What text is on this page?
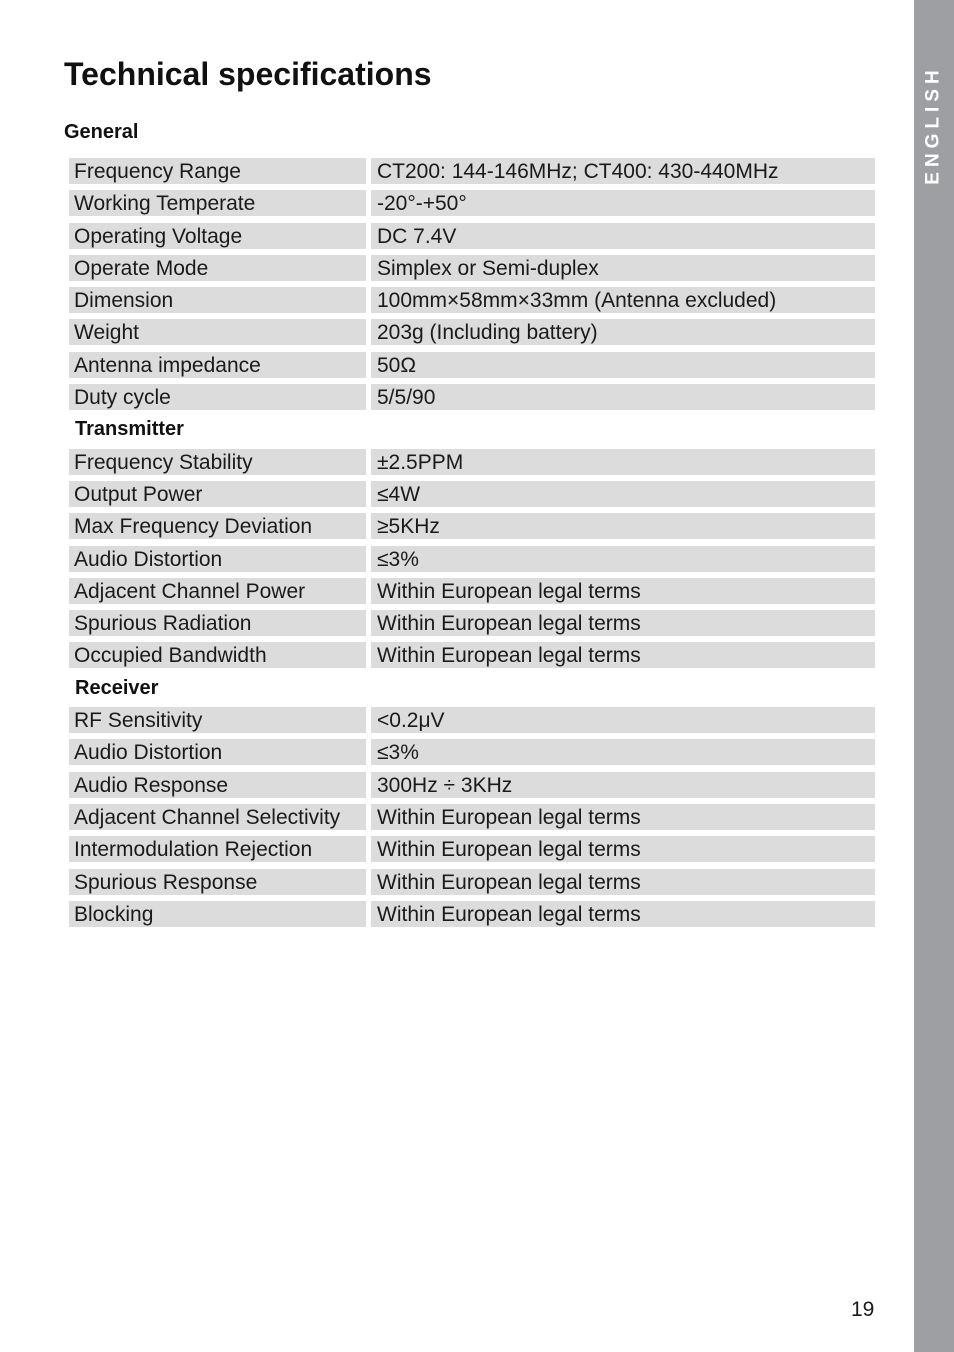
ENGLISH
Technical specifications
General
Frequency Range	CT200: 144-146MHz; CT400: 430-440MHz
Working Temperate	-20°-+50°
Operating Voltage	DC 7.4V
Operate Mode	Simplex or Semi-duplex
Dimension	100mm×58mm×33mm (Antenna excluded)
Weight	203g (Including battery)
Antenna impedance	50Ω
Duty cycle	5/5/90
Transmitter
Frequency Stability	±2.5PPM
Output Power	≤4W
Max Frequency Deviation	≥5KHz
Audio Distortion	≤3%
Adjacent Channel Power	Within European legal terms
Spurious Radiation	Within European legal terms
Occupied Bandwidth	Within European legal terms
Receiver
RF Sensitivity	<0.2μV
Audio Distortion	≤3%
Audio Response	300Hz ÷ 3KHz
Adjacent Channel Selectivity	Within European legal terms
Intermodulation Rejection	Within European legal terms
Spurious Response	Within European legal terms
Blocking	Within European legal terms
19
